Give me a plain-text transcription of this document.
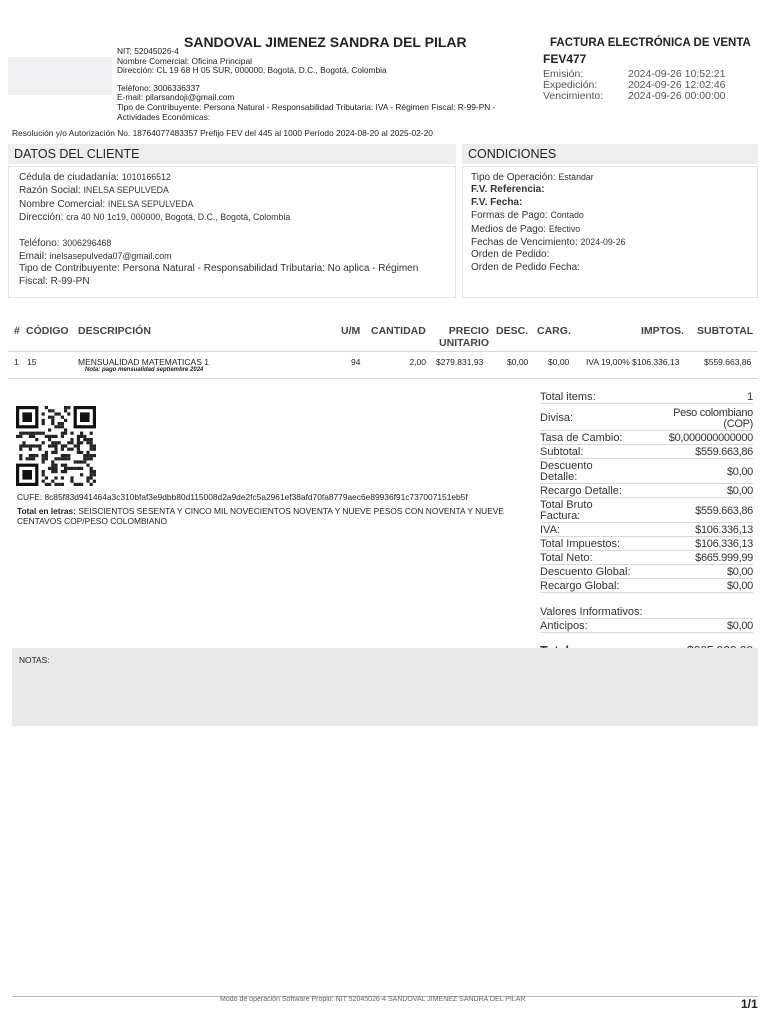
SANDOVAL JIMENEZ SANDRA DEL PILAR
NIT: 52045026-4
Nombre Comercial: Oficina Principal
Dirección: CL 19 68 H 05 SUR, 000000, Bogotá, D.C., Bogotá, Colombia
Teléfono: 3006336337
E-mail: pilarsandoji@gmail.com
Tipo de Contribuyente: Persona Natural - Responsabilidad Tributaria: IVA - Régimen Fiscal: R-99-PN -
Actividades Económicas:
FACTURA ELECTRÓNICA DE VENTA
FEV477
Emisión:	2024-09-26 10:52:21
Expedición:	2024-09-26 12:02:46
Vencimiento:	2024-09-26 00:00:00
Resolución y/o Autorización No. 18764077483357 Prefijo FEV del 445 al 1000 Período 2024-08-20 al 2025-02-20
DATOS DEL CLIENTE	CONDICIONES
Cédula de ciudadanía: 1010166512
Razón Social: INELSA SEPULVEDA
Nombre Comercial: INELSA SEPULVEDA
Dirección: cra 40 N0 1c19, 000000, Bogotá, D.C., Bogotá, Colombia
Teléfono: 3006296468
Email: inelsasepulveda07@gmail.com
Tipo de Contribuyente: Persona Natural - Responsabilidad Tributaria: No aplica - Régimen Fiscal: R-99-PN
Tipo de Operación: Estándar
F.V. Referencia:
F.V. Fecha:
Formas de Pago: Contado
Medios de Pago: Efectivo
Fechas de Vencimiento: 2024-09-26
Orden de Pedido:
Orden de Pedido Fecha:
# CÓDIGO DESCRIPCIÓN	U/M CANTIDAD	PRECIO
UNITARIO
DESC. CARG.	IMPTOS. SUBTOTAL
1 15	MENSUALIDAD MATEMATICAS 1
Nota: pago mensualidad septiembre 2024
94	2,00 $279.831,93	$0,00 $0,00 IVA 19,00% $106.336,13	$559.663,86
CUFE: 8c85f83d941464a3c310bfaf3e9dbb80d115008d2a9de2fc5a2961ef38afd70fa8779aec6e89936f91c737007151eb5f
Total en letras: SEISCIENTOS SESENTA Y CINCO MIL NOVECIENTOS NOVENTA Y NUEVE PESOS CON NOVENTA Y NUEVE CENTAVOS COP/PESO COLOMBIANO
Total items:	1
Divisa:	Peso colombiano (COP)
Tasa de Cambio:	$0,000000000000
Subtotal:	$559.663,86
Descuento Detalle:	$0,00
Recargo Detalle:	$0,00
Total Bruto Factura:	$559.663,86
IVA:	$106.336,13
Total Impuestos:	$106.336,13
Total Neto:	$665.999,99
Descuento Global:	$0,00
Recargo Global:	$0,00
Valores Informativos:
Anticipos:	$0,00
NOTAS:
Modo de operación Software Propio: NIT 52045026-4 SANDOVAL JIMENEZ SANDRA DEL PILAR	1/1
